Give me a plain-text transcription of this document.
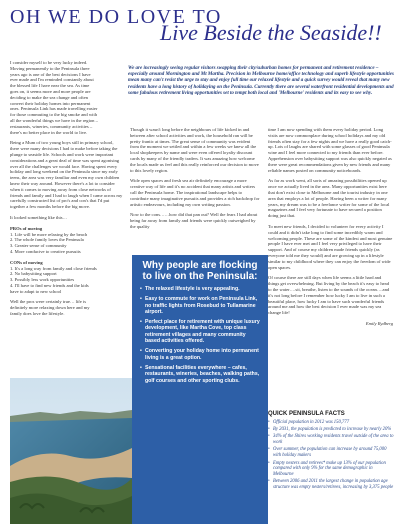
OH WE DO LOVE TO
Live Beside the Seaside!!

I consider myself to be very lucky indeed. Moving permanently to the Peninsula three years ago is one of the best decisions I have ever made and I'm reminded constantly about the blessed life I have near the sea. As time goes on, it seems more and more people are deciding to make the sea change and often convert their holiday homes into permanent ones. Peninsula Link has made travelling easier for those commuting to the big smoke and with all the wonderful things we have in the region – restaurants, wineries, community activities – there's no better place in the world to live.

Being a Mum of two young boys still in primary school, there were many decisions I had to make before taking the plunge to seaside life. Schools and work were important considerations and a great deal of time was spent agonising over all the challenges we would face. Having spent every holiday and long weekend on the Peninsula since my early teens, the area was very familiar and even my own children knew their way around. However there's a lot to consider when it comes to moving away from close networks of friends and family and I had to laugh when I came across my carefully constructed list of pro's and con's that I'd put together a few months before the big move.

It looked something like this…

PROs of moving
1. Life will be more relaxing by the beach
2. The whole family loves the Peninsula
3. Greater sense of community
4. More conducive to creative pursuits
CONs of moving
1. It's a long way from family and close friends
2. No babysitting support
3. Possibly less work opportunities
4. I'll have to find new friends and the kids have to adapt to new school

Well the pros were certainly true… life is definitely more relaxing down here and my family does love the lifestyle.

We are increasingly seeing regular visitors swapping their city/suburban homes for permanent and retirement residence – especially around Mornington and Mt Martha. Precision in Melbourne home/office technology and superb lifestyle opportunities mean many can't resist the urge to stay and enjoy full time our relaxed lifestyle and a quick survey would reveal that many new residents have a long history of holidaying on the Peninsula. Currently there are several waterfront residential developments and some fabulous retirement living opportunities set to tempt both local and 'Melbourne' residents and its easy to see why.

Though it wasn't long before the neighbours of life kicked in and between after school activities and work, the household ran will be pretty frantic at times. The great sense of community was evident from the moment we settled and within a few weeks we knew all the local shopkeepers by name and were even offered loyalty discount cards by many of the friendly traders. It was amazing how welcome the locals made us feel and this really reinforced our decision to move to this lovely region.

Wide open spaces and fresh sea air definitely encourage a more creative way of life and it's no accident that many artists and writers call the Peninsula home. The inspirational landscape helps to contribute many imaginative pursuits and provides a rich backdrop for artistic endeavours, including my own writing passion.

Now to the cons……how did that pan out? Well the fears I had about being far away from family and friends were quickly outweighed by the quality

time I am now spending with them every holiday period. Long visits are now commonplace during school holidays and my old friends often stay for a few nights and we have a really good catch-up. Lots of laughs are shared with some glasses of good Peninsula wine and I feel more connected to my friends than ever before. Apprehension over babysitting support was also quickly negated as there were great recommendations given by new friends and many reliable names posted on community noticeboards.

As far as work went, all sorts of amazing possibilities opened up once we actually lived in the area. Many opportunities exist here that don't exist close to Melbourne and the tourist industry in one area that employs a lot of people. Having been a writer for many years, my dream was to be a freelance writer for some of the local magazines and I feel very fortunate to have secured a position doing just that.

To meet new friends, I decided to volunteer for every activity I could and it didn't take long to find some incredibly warm and welcoming people. These are some of the kindest and most genuine people I have ever met and I feel very privileged to have their support. And of course my children made friends quickly (as everyone told me they would) and are growing up in a lifestyle similar to my childhood where they can enjoy the freedom of wide open spaces.

Of course there are still days when life seems a little hard and things get overwhelming. But living by the beach it's easy to head to the water….sit, breathe, listen to the sounds of the ocean….and it's not long before I remember how lucky I am to live in such a beautiful place, how lucky I am to have such wonderful friends around me and how the best decision I ever made was my sea change life!

Emily Rydberg
Why people are flocking to live on the Peninsula:
• The relaxed lifestyle is very appealing.
• Easy to commute for work on Peninsula Link, no traffic lights from Rosebud to Tullamarine airport.
• Perfect place for retirement with unique luxury development, like Martha Cove, top class retirement villages and many community based activities offered.
• Converting your holiday home into permanent living is a great option.
• Sensational facilities everywhere – cafes, restaurants, wineries, beaches, walking paths, golf courses and other sporting clubs.
QUICK PENINSULA FACTS
• Official population in 2012 was 150,777
• By 2031, the population is predicted to increase by nearly 20%
• 34% of the Shires working residents travel outside of the area to work
• Over summer, the population can increase by around 75,000 with holiday makers
• Empty nesters and retirees* make up 13% of our population compared with only 9% for the same demographic in Melbourne
• Between 2006 and 2011 the largest change in population age structure was empty nesters/retirees, increasing by 3,375 people
